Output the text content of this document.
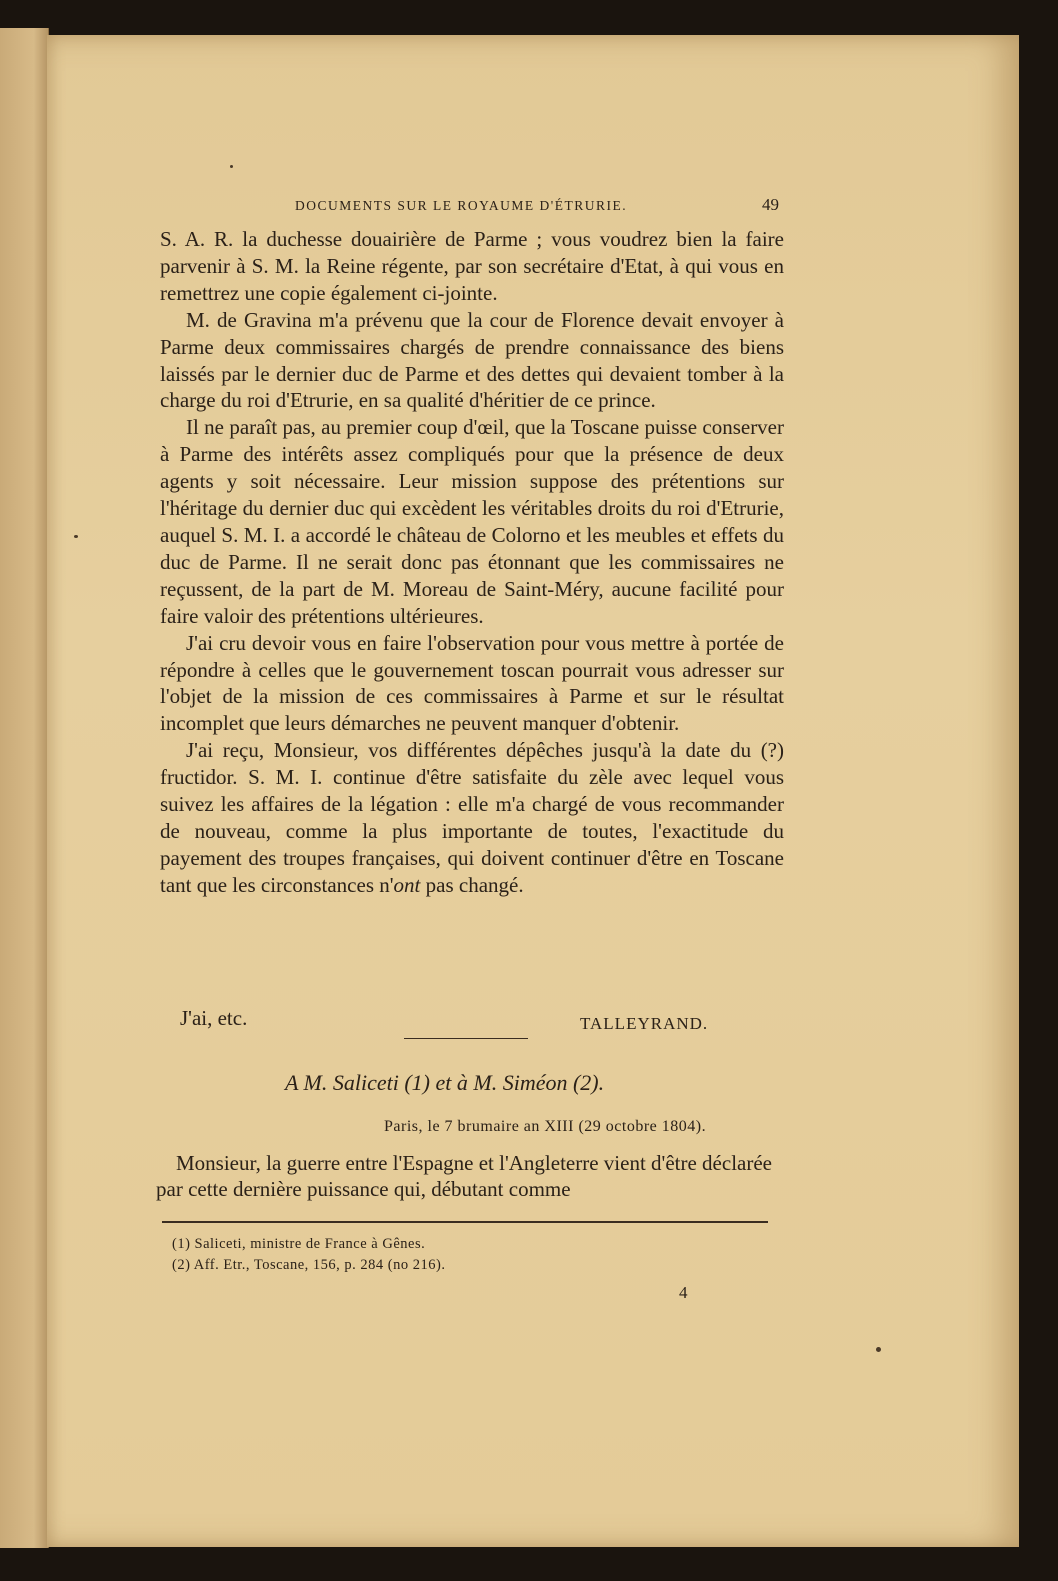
DOCUMENTS SUR LE ROYAUME D'ÉTRURIE.	49

S. A. R. la duchesse douairière de Parme ; vous voudrez bien la faire parvenir à S. M. la Reine régente, par son secrétaire d'Etat, à qui vous en remettrez une copie également ci-jointe.

M. de Gravina m'a prévenu que la cour de Florence devait envoyer à Parme deux commissaires chargés de prendre connaissance des biens laissés par le dernier duc de Parme et des dettes qui devaient tomber à la charge du roi d'Etrurie, en sa qualité d'héritier de ce prince.

Il ne paraît pas, au premier coup d'œil, que la Toscane puisse conserver à Parme des intérêts assez compliqués pour que la présence de deux agents y soit nécessaire. Leur mission suppose des prétentions sur l'héritage du dernier duc qui excèdent les véritables droits du roi d'Etrurie, auquel S. M. I. a accordé le château de Colorno et les meubles et effets du duc de Parme. Il ne serait donc pas étonnant que les commissaires ne reçussent, de la part de M. Moreau de Saint-Méry, aucune facilité pour faire valoir des prétentions ultérieures.

J'ai cru devoir vous en faire l'observation pour vous mettre à portée de répondre à celles que le gouvernement toscan pourrait vous adresser sur l'objet de la mission de ces commissaires à Parme et sur le résultat incomplet que leurs démarches ne peuvent manquer d'obtenir.

J'ai reçu, Monsieur, vos différentes dépêches jusqu'à la date du (?) fructidor. S. M. I. continue d'être satisfaite du zèle avec lequel vous suivez les affaires de la légation : elle m'a chargé de vous recommander de nouveau, comme la plus importante de toutes, l'exactitude du payement des troupes françaises, qui doivent continuer d'être en Toscane tant que les circonstances n'ont pas changé.

J'ai, etc.	TALLEYRAND.
A M. Saliceti (1) et à M. Siméon (2).
Paris, le 7 brumaire an XIII (29 octobre 1804).

Monsieur, la guerre entre l'Espagne et l'Angleterre vient d'être déclarée par cette dernière puissance qui, débutant comme

(1) Saliceti, ministre de France à Gênes.
(2) Aff. Etr., Toscane, 156, p. 284 (no 216).
4
